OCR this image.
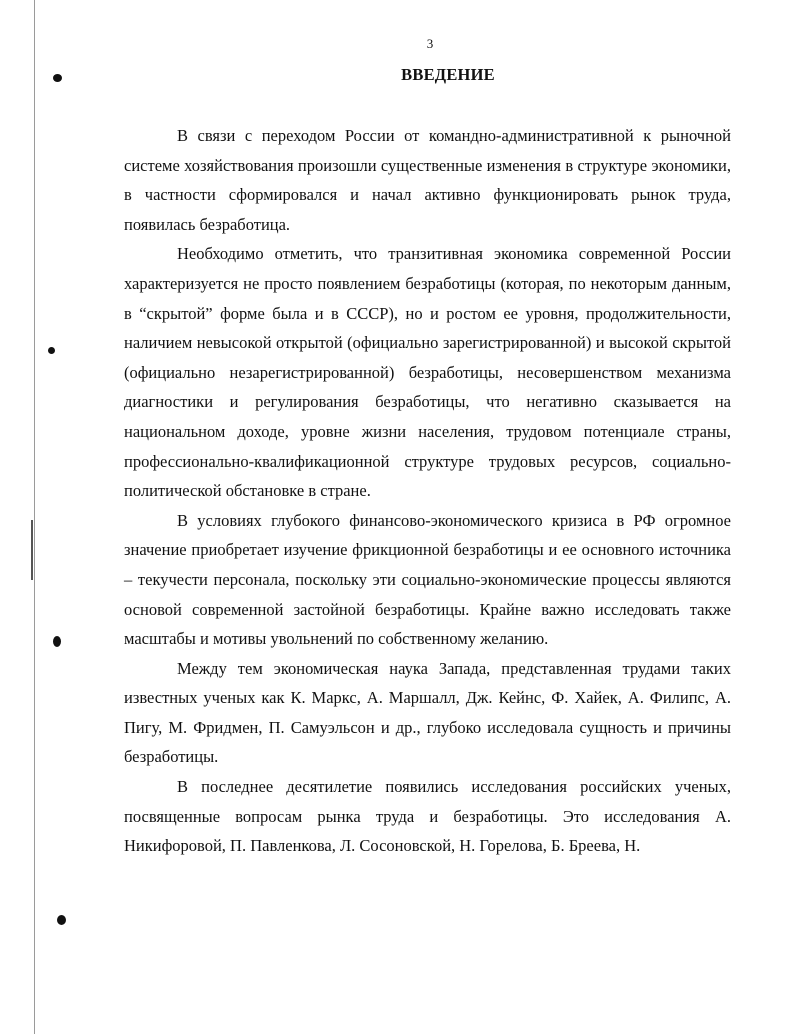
3
ВВЕДЕНИЕ

В связи с переходом России от командно-административной к рыночной системе хозяйствования произошли существенные изменения в структуре экономики, в частности сформировался и начал активно функционировать рынок труда, появилась безработица.

Необходимо отметить, что транзитивная экономика современной России характеризуется не просто появлением безработицы (которая, по некоторым данным, в “скрытой” форме была и в СССР), но и ростом ее уровня, продолжительности, наличием невысокой открытой (официально зарегистрированной) и высокой скрытой (официально незарегистрированной) безработицы, несовершенством механизма диагностики и регулирования безработицы, что негативно сказывается на национальном доходе, уровне жизни населения, трудовом потенциале страны, профессионально-квалификационной структуре трудовых ресурсов, социально-политической обстановке в стране.

В условиях глубокого финансово-экономического кризиса в РФ огромное значение приобретает изучение фрикционной безработицы и ее основного источника – текучести персонала, поскольку эти социально-экономические процессы являются основой современной застойной безработицы. Крайне важно исследовать также масштабы и мотивы увольнений по собственному желанию.

Между тем экономическая наука Запада, представленная трудами таких известных ученых как К. Маркс, А. Маршалл, Дж. Кейнс, Ф. Хайек, А. Филипс, А. Пигу, М. Фридмен, П. Самуэльсон и др., глубоко исследовала сущность и причины безработицы.

В последнее десятилетие появились исследования российских ученых, посвященные вопросам рынка труда и безработицы. Это исследования А. Никифоровой, П. Павленкова, Л. Сосоновской, Н. Горелова, Б. Бреева, Н.
